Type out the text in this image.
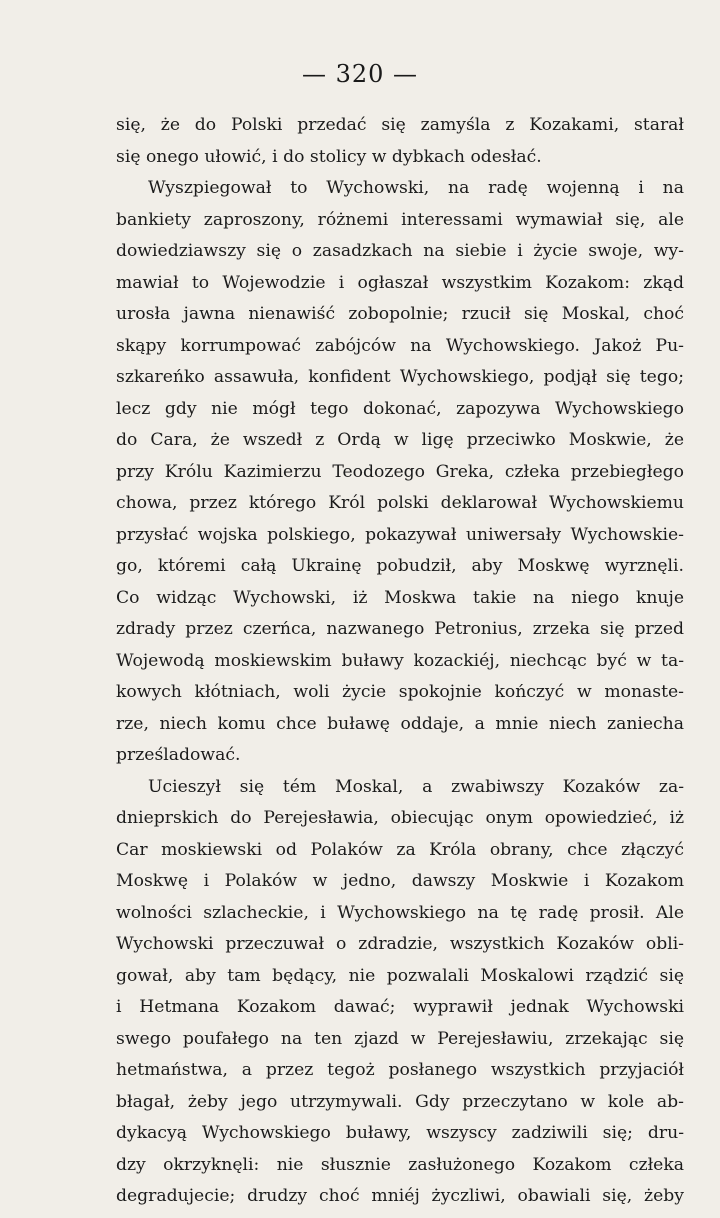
— 320 —
się, że do Polski przedać się zamyśla z Kozakami, starał
się onego ułowić, i do stolicy w dybkach odesłać.
Wyszpiegował to Wychowski, na radę wojenną i na
bankiety zaproszony, różnemi interessami wymawiał się, ale
dowiedziawszy się o zasadzkach na siebie i życie swoje, wy-
mawiał to Wojewodzie i ogłaszał wszystkim Kozakom: zkąd
urosła jawna nienawiść zobopolnie; rzucił się Moskal, choć
skąpy korrumpować zabójców na Wychowskiego. Jakoż Pu-
szkareńko assawuła, konfident Wychowskiego, podjął się tego;
lecz gdy nie mógł tego dokonać, zapozywa Wychowskiego
do Cara, że wszedł z Ordą w ligę przeciwko Moskwie, że
przy Królu Kazimierzu Teodozego Greka, człeka przebiegłego
chowa, przez którego Król polski deklarował Wychowskiemu
przysłać wojska polskiego, pokazywał uniwersały Wychowskie-
go, któremi całą Ukrainę pobudził, aby Moskwę wyrznęli.
Co widząc Wychowski, iż Moskwa takie na niego knuje
zdrady przez czerńca, nazwanego Petronius, zrzeka się przed
Wojewodą moskiewskim buławy kozackiéj, niechcąc być w ta-
kowych kłótniach, woli życie spokojnie kończyć w monaste-
rze, niech komu chce buławę oddaje, a mnie niech zaniecha
prześladować.
Ucieszył się tém Moskal, a zwabiwszy Kozaków za-
dnieprskich do Perejesławia, obiecując onym opowiedzieć, iż
Car moskiewski od Polaków za Króla obrany, chce złączyć
Moskwę i Polaków w jedno, dawszy Moskwie i Kozakom
wolności szlacheckie, i Wychowskiego na tę radę prosił. Ale
Wychowski przeczuwał o zdradzie, wszystkich Kozaków obli-
gował, aby tam będący, nie pozwalali Moskalowi rządzić się
i Hetmana Kozakom dawać; wyprawił jednak Wychowski
swego poufałego na ten zjazd w Perejesławiu, zrzekając się
hetmaństwa, a przez tegoż posłanego wszystkich przyjaciół
błagał, żeby jego utrzymywali. Gdy przeczytano w kole ab-
dykacyą Wychowskiego buławy, wszyscy zadziwili się; dru-
dzy okrzyknęli: nie słusznie zasłużonego Kozakom człeka
degradujecie; drudzy choć mniéj życzliwi, obawiali się, żeby
